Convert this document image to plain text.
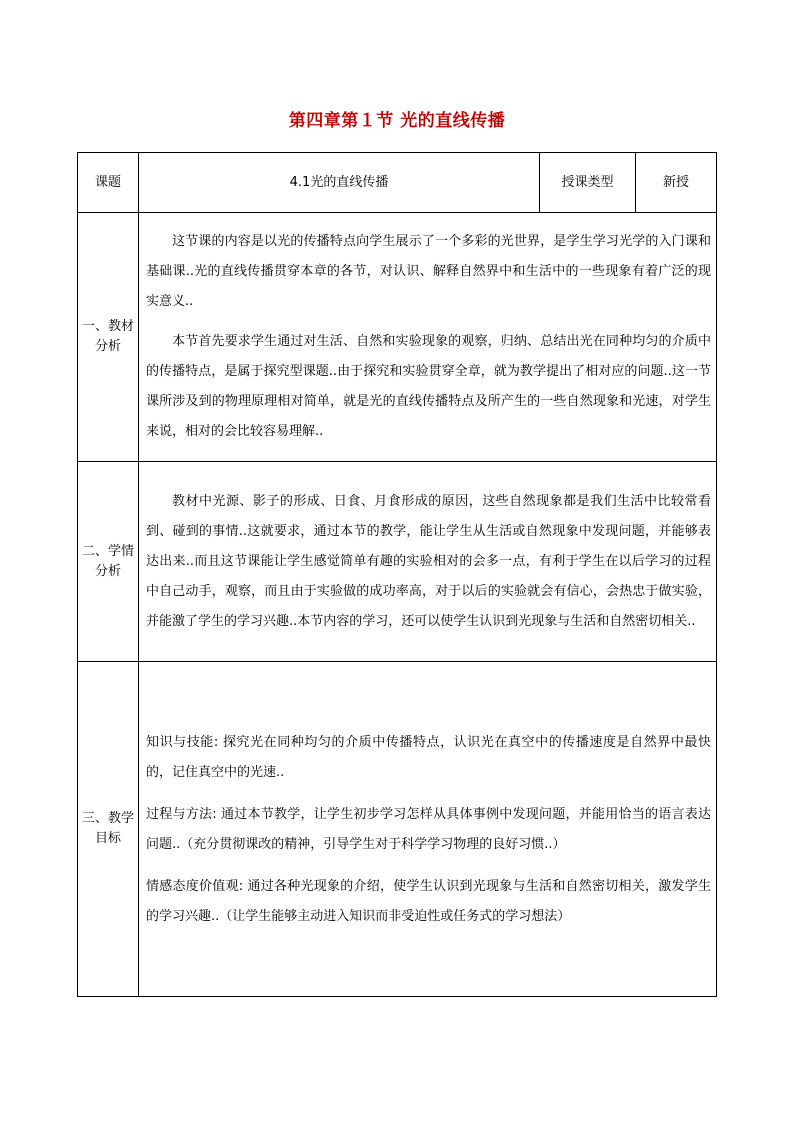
第四章第１节 光的直线传播
课题	4.1光的直线传播	授课类型	新授
一、教材分析	这节课的内容是以光的传播特点向学生展示了一个多彩的光世界，是学生学习光学的入门课和基础课..光的直线传播贯穿本章的各节，对认识、解释自然界中和生活中的一些现象有着广泛的现实意义..

本节首先要求学生通过对生活、自然和实验现象的观察，归纳、总结出光在同种均匀的介质中的传播特点，是属于探究型课题..由于探究和实验贯穿全章，就为教学提出了相对应的问题..这一节课所涉及到的物理原理相对简单，就是光的直线传播特点及所产生的一些自然现象和光速，对学生来说，相对的会比较容易理解..		

二、学情分析	教材中光源、影子的形成、日食、月食形成的原因，这些自然现象都是我们生活中比较常看到、碰到的事情..这就要求，通过本节的教学，能让学生从生活或自然现象中发现问题，并能够表达出来..而且这节课能让学生感觉简单有趣的实验相对的会多一点，有利于学生在以后学习的过程中自己动手，观察，而且由于实验做的成功率高，对于以后的实验就会有信心，会热忠于做实验，并能激了学生的学习兴趣..本节内容的学习，还可以使学生认识到光现象与生活和自然密切相关..		

三、教学目标	知识与技能: 探究光在同种均匀的介质中传播特点，认识光在真空中的传播速度是自然界中最快的，记住真空中的光速..

过程与方法: 通过本节教学，让学生初步学习怎样从具体事例中发现问题，并能用恰当的语言表达问题..（充分贯彻课改的精神，引导学生对于科学学习物理的良好习惯..）

情感态度价值观: 通过各种光现象的介绍，使学生认识到光现象与生活和自然密切相关，激发学生的学习兴趣..（让学生能够主动进入知识而非受迫性或任务式的学习想法）		
